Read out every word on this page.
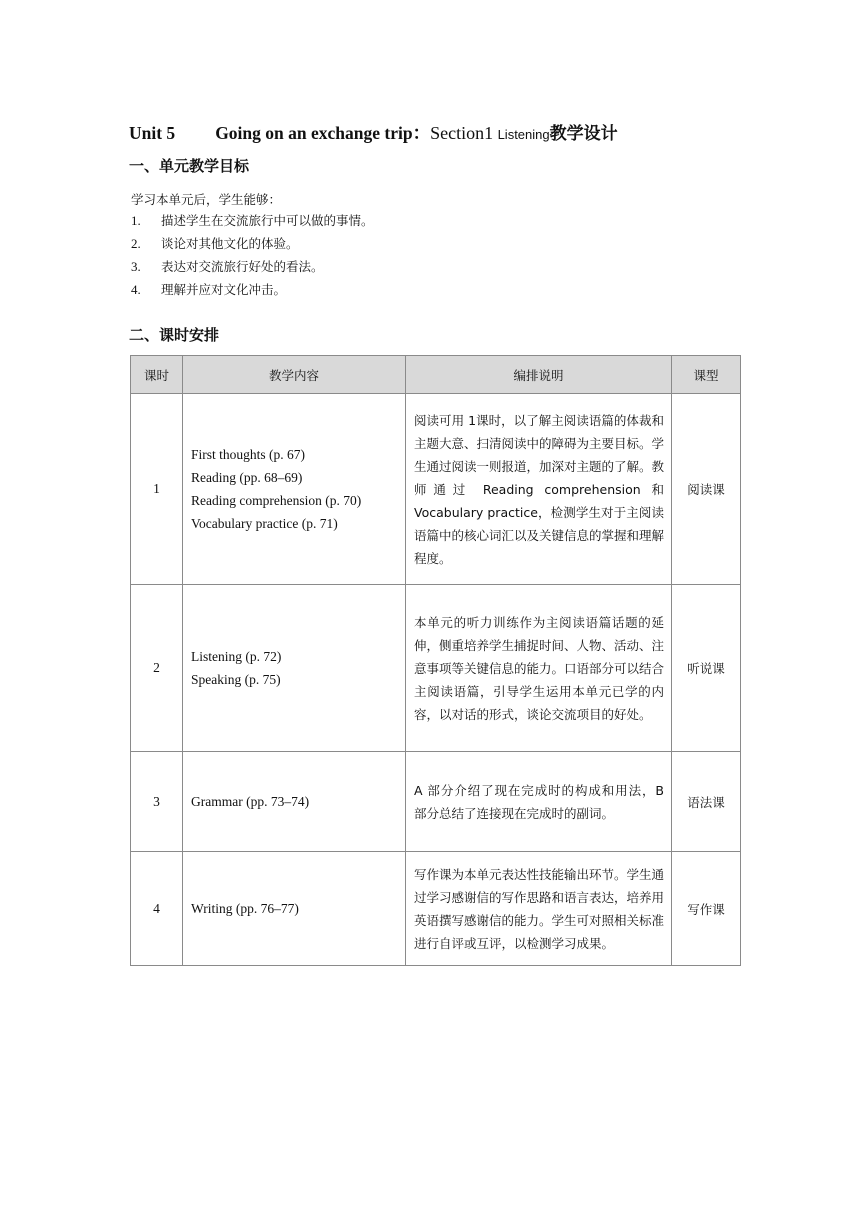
Unit 5 Going on an exchange trip：Section1 Listening教学设计
一、单元教学目标
学习本单元后，学生能够：
1. 描述学生在交流旅行中可以做的事情。
2. 谈论对其他文化的体验。
3. 表达对交流旅行好处的看法。
4. 理解并应对文化冲击。
二、课时安排
课时	教学内容	编排说明	课型
1	First thoughts (p. 67)
Reading (pp. 68–69)
Reading comprehension (p. 70)
Vocabulary practice (p. 71)	阅读可用 1课时，以了解主阅读语篇的体裁和主题大意、扫清阅读中的障碍为主要目标。学生通过阅读一则报道，加深对主题的了解。教师通过 Reading comprehension 和 Vocabulary practice，检测学生对于主阅读语篇中的核心词汇以及关键信息的掌握和理解程度。	阅读课
2	Listening (p. 72)
Speaking (p. 75)	本单元的听力训练作为主阅读语篇话题的延伸，侧重培养学生捕捉时间、人物、活动、注意事项等关键信息的能力。口语部分可以结合主阅读语篇，引导学生运用本单元已学的内容，以对话的形式，谈论交流项目的好处。	听说课
3	Grammar (pp. 73–74)	A 部分介绍了现在完成时的构成和用法，B 部分总结了连接现在完成时的副词。	语法课
4	Writing (pp. 76–77)	写作课为本单元表达性技能输出环节。学生通过学习感谢信的写作思路和语言表达，培养用英语撰写感谢信的能力。学生可对照相关标准进行自评或互评，以检测学习成果。	写作课
